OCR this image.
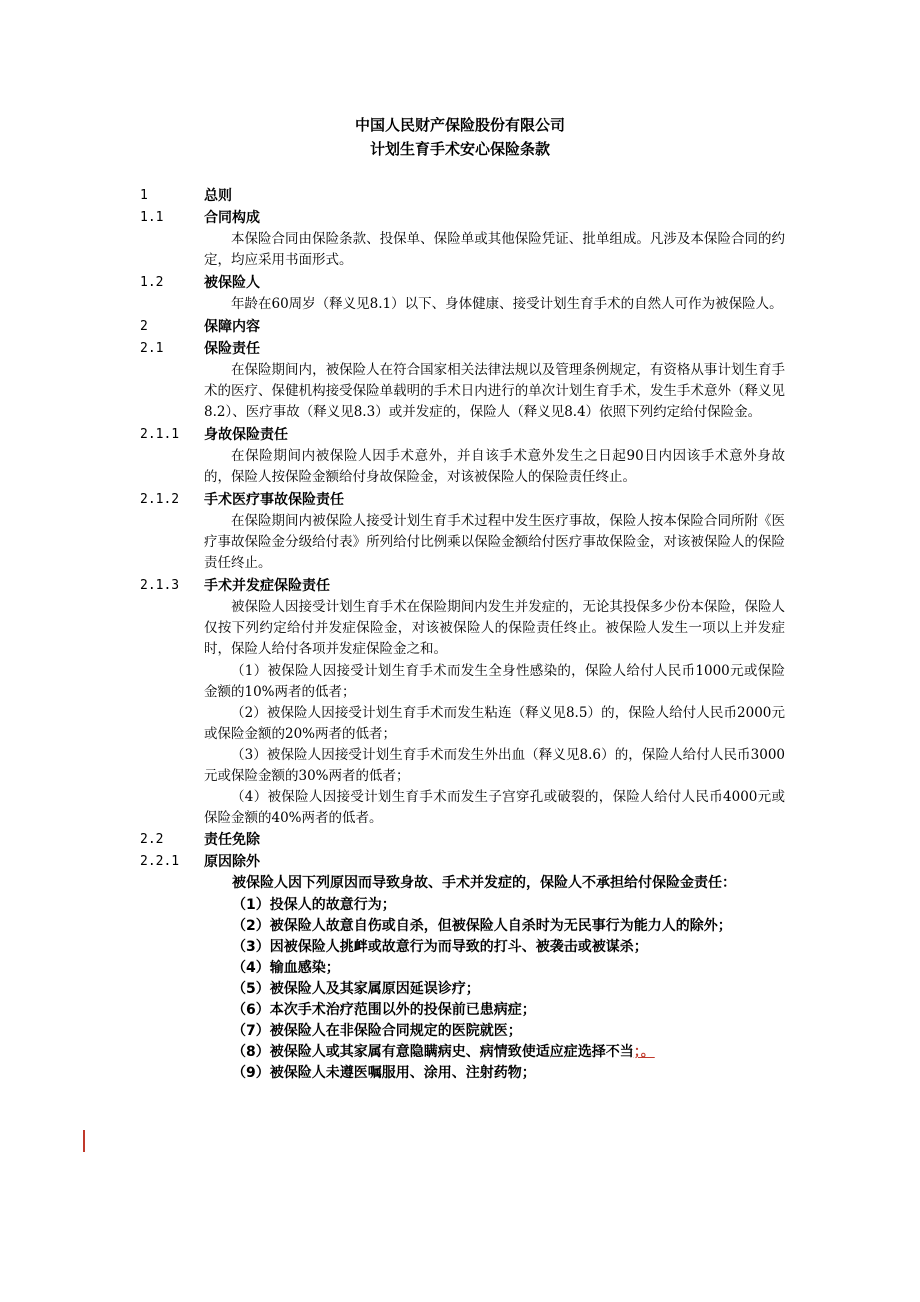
中国人民财产保险股份有限公司
计划生育手术安心保险条款
1	总则
1.1	合同构成
本保险合同由保险条款、投保单、保险单或其他保险凭证、批单组成。凡涉及本保险合同的约定，均应采用书面形式。
1.2	被保险人
年龄在60周岁（释义见8.1）以下、身体健康、接受计划生育手术的自然人可作为被保险人。
2	保障内容
2.1	保险责任
在保险期间内，被保险人在符合国家相关法律法规以及管理条例规定，有资格从事计划生育手术的医疗、保健机构接受保险单载明的手术日内进行的单次计划生育手术，发生手术意外（释义见8.2）、医疗事故（释义见8.3）或并发症的，保险人（释义见8.4）依照下列约定给付保险金。
2.1.1	身故保险责任
在保险期间内被保险人因手术意外，并自该手术意外发生之日起90日内因该手术意外身故的，保险人按保险金额给付身故保险金，对该被保险人的保险责任终止。
2.1.2	手术医疗事故保险责任
在保险期间内被保险人接受计划生育手术过程中发生医疗事故，保险人按本保险合同所附《医疗事故保险金分级给付表》所列给付比例乘以保险金额给付医疗事故保险金，对该被保险人的保险责任终止。
2.1.3	手术并发症保险责任
被保险人因接受计划生育手术在保险期间内发生并发症的，无论其投保多少份本保险，保险人仅按下列约定给付并发症保险金，对该被保险人的保险责任终止。被保险人发生一项以上并发症时，保险人给付各项并发症保险金之和。
（1）被保险人因接受计划生育手术而发生全身性感染的，保险人给付人民币1000元或保险金额的10%两者的低者；
（2）被保险人因接受计划生育手术而发生粘连（释义见8.5）的，保险人给付人民币2000元或保险金额的20%两者的低者；
（3）被保险人因接受计划生育手术而发生外出血（释义见8.6）的，保险人给付人民币3000元或保险金额的30%两者的低者；
（4）被保险人因接受计划生育手术而发生子宫穿孔或破裂的，保险人给付人民币4000元或保险金额的40%两者的低者。
2.2	责任免除
2.2.1	原因除外
被保险人因下列原因而导致身故、手术并发症的，保险人不承担给付保险金责任：
（1）投保人的故意行为；
（2）被保险人故意自伤或自杀，但被保险人自杀时为无民事行为能力人的除外；
（3）因被保险人挑衅或故意行为而导致的打斗、被袭击或被谋杀；
（4）输血感染；
（5）被保险人及其家属原因延误诊疗；
（6）本次手术治疗范围以外的投保前已患病症；
（7）被保险人在非保险合同规定的医院就医；
（8）被保险人或其家属有意隐瞒病史、病情致使适应症选择不当；。
（9）被保险人未遵医嘱服用、涂用、注射药物；
